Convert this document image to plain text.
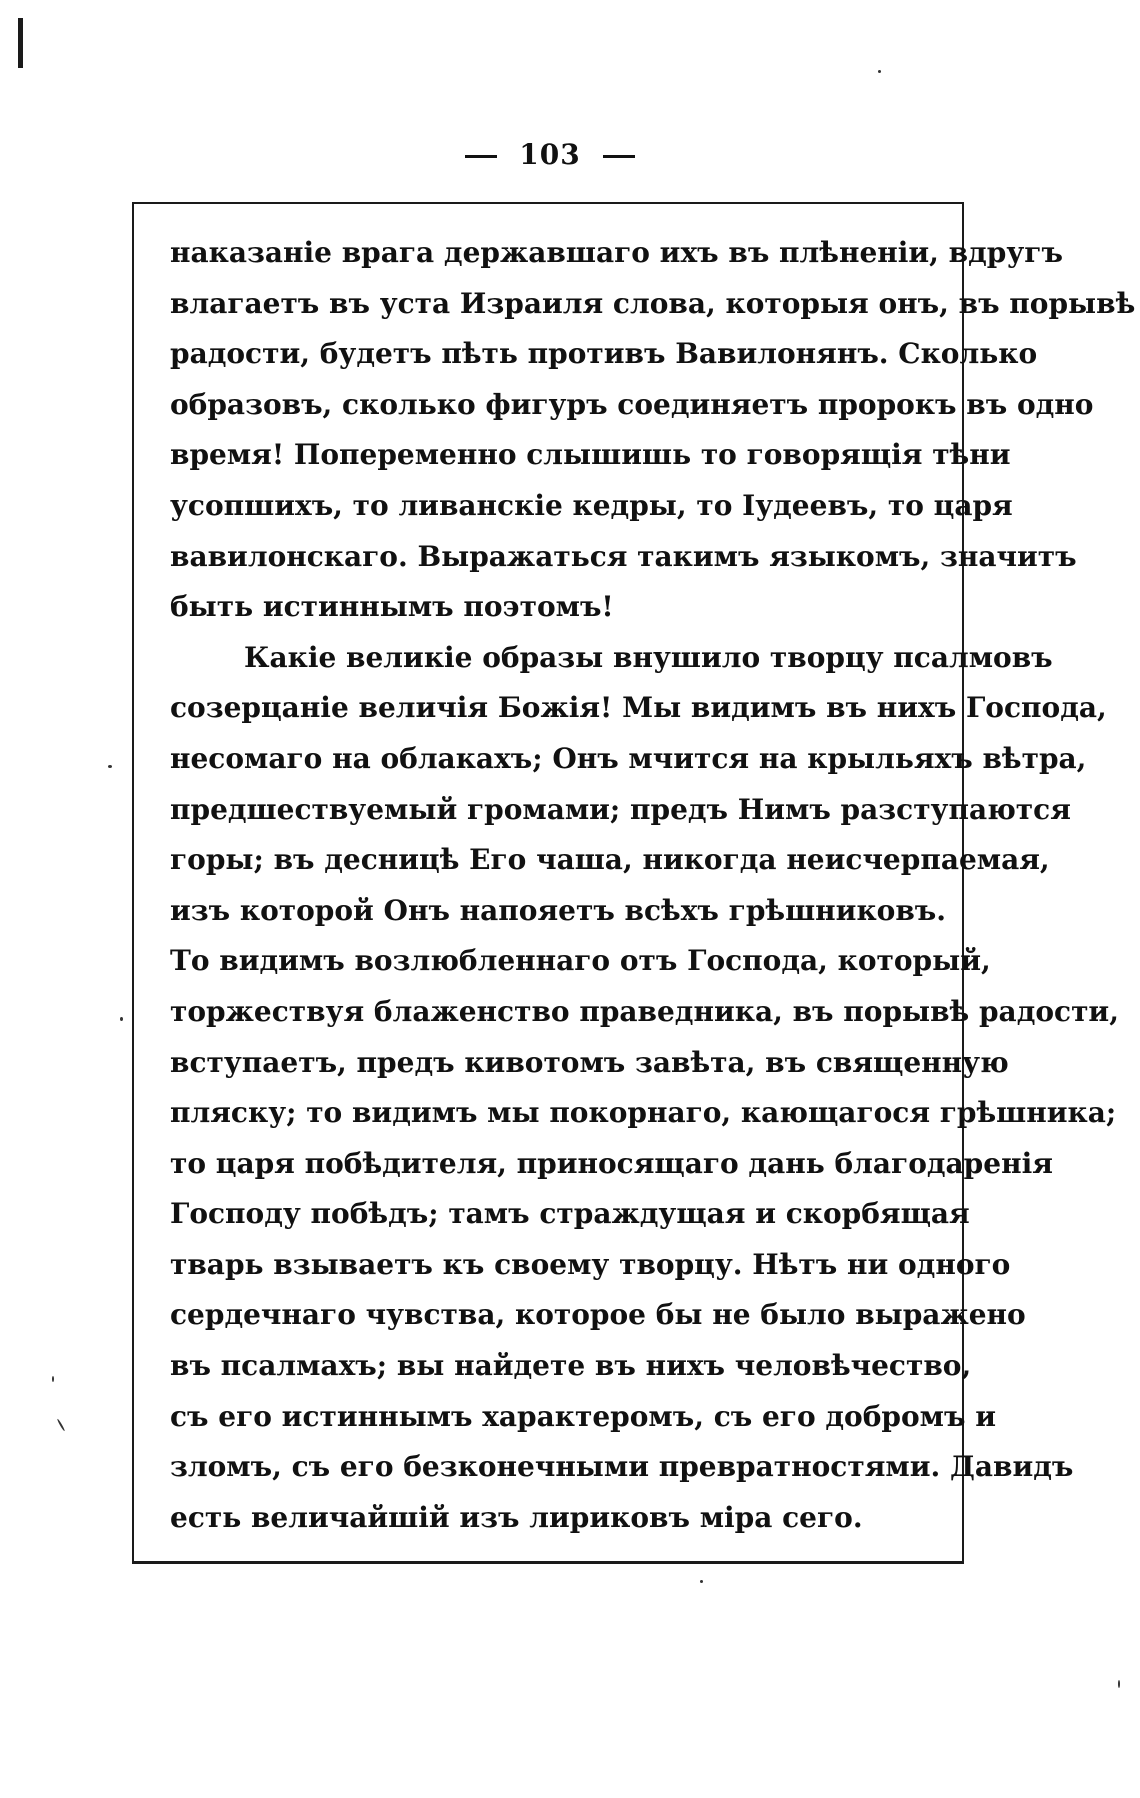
103
наказаніе врага державшаго ихъ въ плѣненіи, вдругъ
влагаетъ въ уста Израиля слова, которыя онъ, въ порывѣ
радости, будетъ пѣть противъ Вавилонянъ. Сколько
образовъ, сколько фигуръ соединяетъ пророкъ въ одно
время! Попеременно слышишь то говорящія тѣни
усопшихъ, то ливанскіе кедры, то Іудеевъ, то царя
вавилонскаго. Выражаться такимъ языкомъ, значитъ
быть истиннымъ поэтомъ!
Какіе великіе образы внушило творцу псалмовъ
созерцаніе величія Божія! Мы видимъ въ нихъ Господа,
несомаго на облакахъ; Онъ мчится на крыльяхъ вѣтра,
предшествуемый громами; предъ Нимъ разступаются
горы; въ десницѣ Его чаша, никогда неисчерпаемая,
изъ которой Онъ напояетъ всѣхъ грѣшниковъ.
То видимъ возлюбленнаго отъ Господа, который,
торжествуя блаженство праведника, въ порывѣ радости,
вступаетъ, предъ кивотомъ завѣта, въ священную
пляску; то видимъ мы покорнаго, кающагося грѣшника;
то царя побѣдителя, приносящаго дань благодаренія
Господу побѣдъ; тамъ страждущая и скорбящая
тварь взываетъ къ своему творцу. Нѣтъ ни одного
сердечнаго чувства, которое бы не было выражено
въ псалмахъ; вы найдете въ нихъ человѣчество,
съ его истиннымъ характеромъ, съ его добромъ и
зломъ, съ его безконечными превратностями. Давидъ
есть величайшій изъ лириковъ міра сего.
